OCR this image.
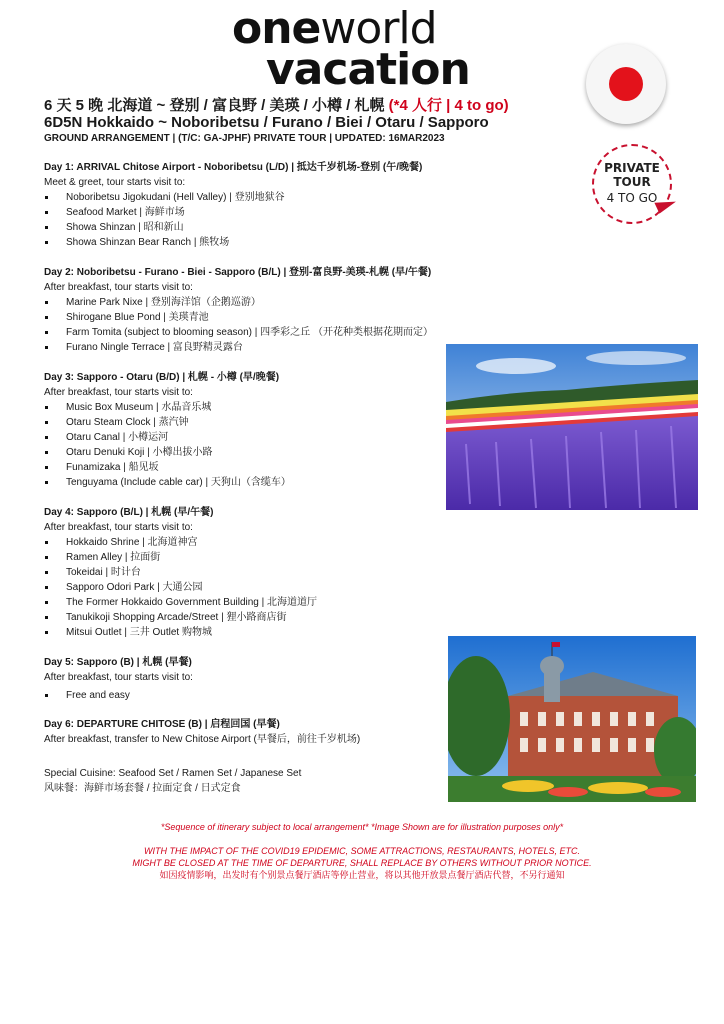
oneworld
vacation
PRIVATE
TOUR
4 TO GO
6 天 5 晚 北海道 ~ 登别 / 富良野 / 美瑛 / 小樽 / 札幌 (*4 人行 | 4 to go)
6D5N Hokkaido ~ Noboribetsu / Furano / Biei / Otaru / Sapporo
GROUND ARRANGEMENT | (T/C: GA-JPHF) PRIVATE TOUR | UPDATED: 16MAR2023
Day 1: ARRIVAL Chitose Airport - Noboribetsu (L/D) | 抵达千岁机场-登别 (午/晚餐)
Meet & greet, tour starts visit to:
Noboribetsu Jigokudani (Hell Valley) | 登别地狱谷
Seafood Market | 海鲜市场
Showa Shinzan | 昭和新山
Showa Shinzan Bear Ranch | 熊牧场
Day 2: Noboribetsu - Furano - Biei - Sapporo (B/L) | 登别-富良野-美瑛-札幌 (早/午餐)
After breakfast, tour starts visit to:
Marine Park Nixe | 登别海洋馆（企鹅巡游）
Shirogane Blue Pond | 美瑛青池
Farm Tomita (subject to blooming season) | 四季彩之丘 （开花种类根据花期而定）
Furano Ningle Terrace | 富良野精灵露台
Day 3: Sapporo - Otaru (B/D) | 札幌 - 小樽 (早/晚餐)
After breakfast, tour starts visit to:
Music Box Museum | 水晶音乐城
Otaru Steam Clock | 蒸汽钟
Otaru Canal | 小樽运河
Otaru Denuki Koji | 小樽出拔小路
Funamizaka | 船见坂
Tenguyama (Include cable car) | 天狗山（含缆车）
Day 4: Sapporo (B/L) | 札幌 (早/午餐)
After breakfast, tour starts visit to:
Hokkaido Shrine | 北海道神宫
Ramen Alley | 拉面街
Tokeidai | 时计台
Sapporo Odori Park | 大通公园
The Former Hokkaido Government Building | 北海道道厅
Tanukikoji Shopping Arcade/Street | 狸小路商店街
Mitsui Outlet | 三井 Outlet 购物城
Day 5: Sapporo (B) | 札幌 (早餐)
After breakfast, tour starts visit to:
Free and easy
Day 6: DEPARTURE CHITOSE (B) | 启程回国 (早餐)
After breakfast, transfer to New Chitose Airport (早餐后，前往千岁机场)
Special Cuisine: Seafood Set / Ramen Set / Japanese Set
风味餐：海鲜市场套餐 / 拉面定食 / 日式定食
*Sequence of itinerary subject to local arrangement* *Image Shown are for illustration purposes only*
WITH THE IMPACT OF THE COVID19 EPIDEMIC, SOME ATTRACTIONS, RESTAURANTS, HOTELS, ETC.
MIGHT BE CLOSED AT THE TIME OF DEPARTURE, SHALL REPLACE BY OTHERS WITHOUT PRIOR NOTICE.
如因疫情影响，出发时有个别景点餐厅酒店等停止营业，将以其他开放景点餐厅酒店代替，不另行通知
